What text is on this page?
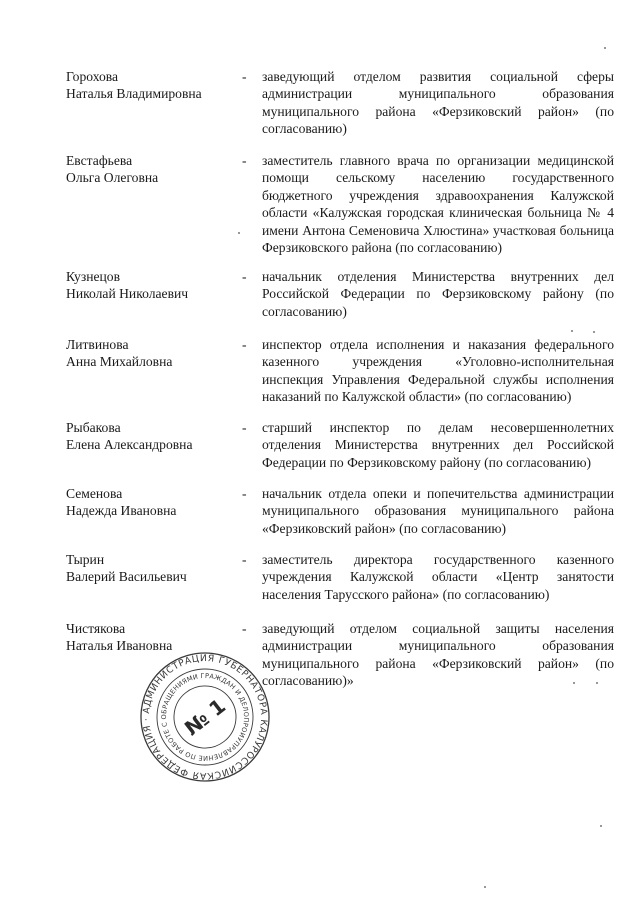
Горохова
Наталья Владимировна
-	заведующий отделом развития социальной сферы администрации муниципального образования муниципального района «Ферзиковский район» (по согласованию)
Евстафьева
Ольга Олеговна
-	заместитель главного врача по организации медицинской помощи сельскому населению государственного бюджетного учреждения здравоохранения Калужской области «Калужская городская клиническая больница № 4 имени Антона Семеновича Хлюстина» участковая больница Ферзиковского района (по согласованию)
Кузнецов
Николай Николаевич
-	начальник отделения Министерства внутренних дел Российской Федерации по Ферзиковскому району (по согласованию)
Литвинова
Анна Михайловна
-	инспектор отдела исполнения и наказания федерального казенного учреждения «Уголовно-исполнительная инспекция Управления Федеральной службы исполнения наказаний по Калужской области» (по согласованию)
Рыбакова
Елена Александровна
-	старший инспектор по делам несовершеннолетних отделения Министерства внутренних дел Российской Федерации по Ферзиковскому району (по согласованию)
Семенова
Надежда Ивановна
-	начальник отдела опеки и попечительства администрации муниципального образования муниципального района «Ферзиковский район» (по согласованию)
Тырин
Валерий Васильевич
-	заместитель директора государственного казенного учреждения Калужской области «Центр занятости населения Тарусского района» (по согласованию)
Чистякова
Наталья Ивановна
-	заведующий отделом социальной защиты населения администрации муниципального образования муниципального района «Ферзиковский район» (по согласованию)»
РОССИЙСКАЯ ФЕДЕРАЦИЯ · АДМИНИСТРАЦИЯ ГУБЕРНАТОРА КАЛУЖСКОЙ
УПРАВЛЕНИЕ ПО РАБОТЕ С ОБРАЩЕНИЯМИ ГРАЖДАН И ДЕЛОПРОИЗВОДСТВУ
№ 1
